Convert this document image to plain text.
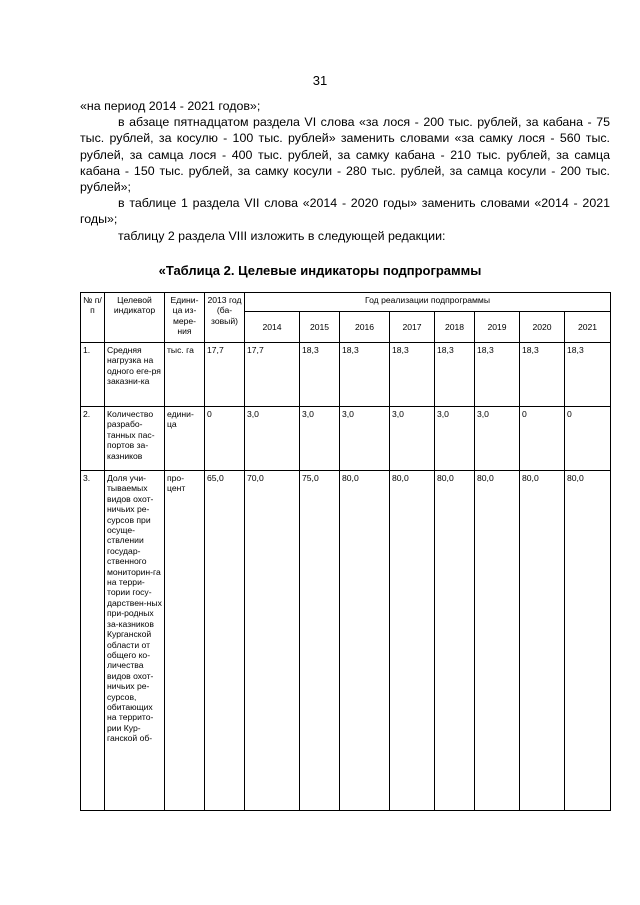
31

«на период 2014 - 2021 годов»;

в абзаце пятнадцатом раздела VI слова «за лося - 200 тыс. рублей, за кабана - 75 тыс. рублей, за косулю - 100 тыс. рублей» заменить словами «за самку лося - 560 тыс. рублей, за самца лося - 400 тыс. рублей, за самку кабана - 210 тыс. рублей, за самца кабана - 150 тыс. рублей, за самку косули - 280 тыс. рублей, за самца косули - 200 тыс. рублей»;

в таблице 1 раздела VII слова «2014 - 2020 годы» заменить словами «2014 - 2021 годы»;

таблицу 2 раздела VIII изложить в следующей редакции:

«Таблица 2. Целевые индикаторы подпрограммы
№ п/п	Целевой индикатор	Едини-ца из-мере-ния	2013 год (ба-зовый)	Год реализации подпрограммы							
				2014	2015	2016	2017	2018	2019	2020	2021
1.	Средняя нагрузка на одного еге-ря заказни-ка	тыс. га	17,7	17,7	18,3	18,3	18,3	18,3	18,3	18,3	18,3
2.	Количество разрабо-танных пас-портов за-казников	едини-ца	0	3,0	3,0	3,0	3,0	3,0	3,0	0	0
3.	Доля учи-тываемых видов охот-ничьих ре-сурсов при осуще-ствлении государ-ственного мониторин-га на терри-тории госу-дарствен-ных при-родных за-казников Курганской области от общего ко-личества видов охот-ничьих ре-сурсов, обитающих на террито-рии Кур-ганской об-	про-цент	65,0	70,0	75,0	80,0	80,0	80,0	80,0	80,0	80,0
